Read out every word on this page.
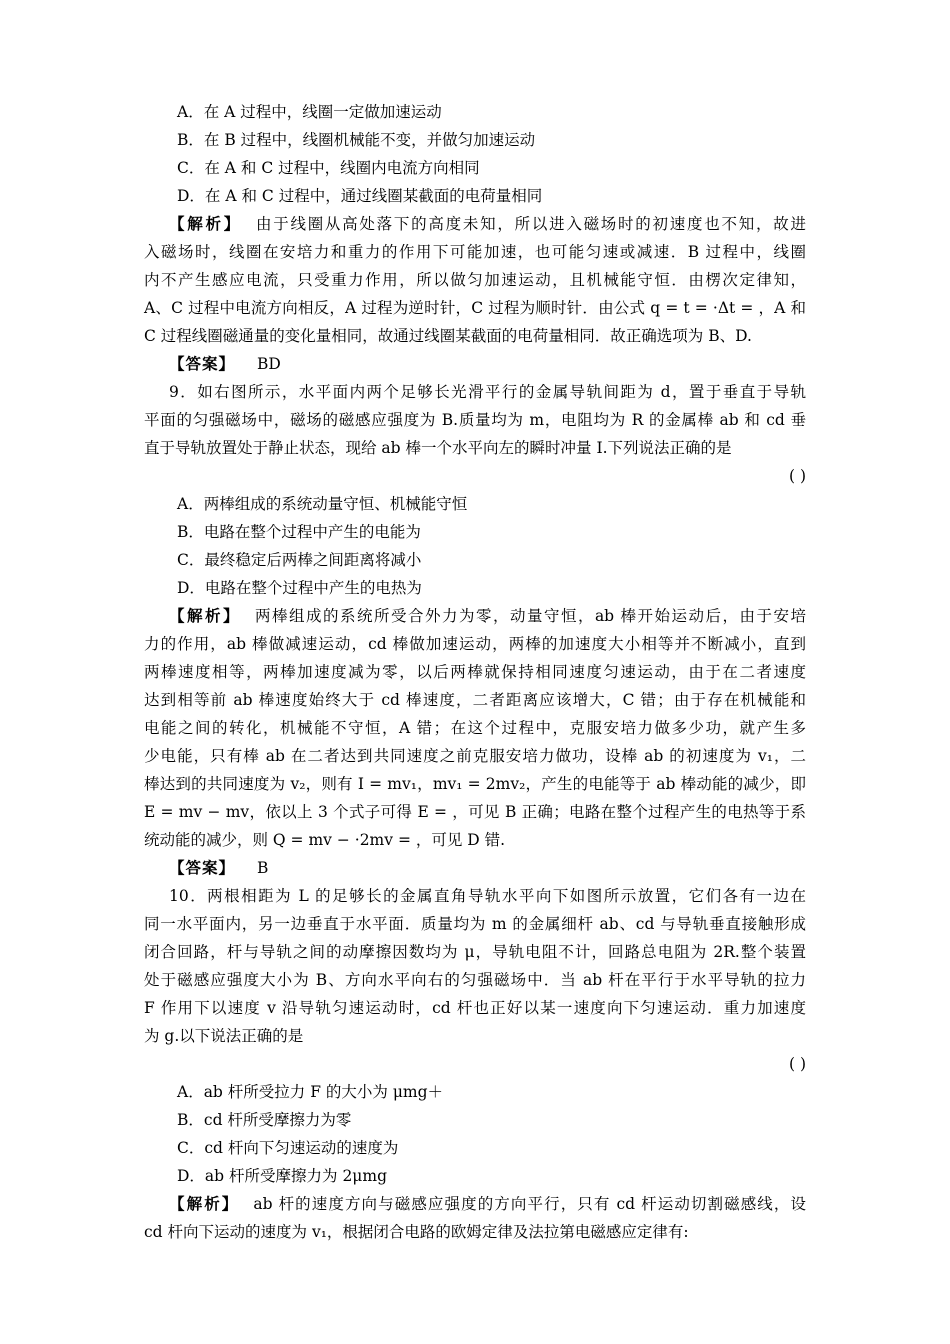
A．在 A 过程中，线圈一定做加速运动
B．在 B 过程中，线圈机械能不变，并做匀加速运动
C．在 A 和 C 过程中，线圈内电流方向相同
D．在 A 和 C 过程中，通过线圈某截面的电荷量相同
【解析】 由于线圈从高处落下的高度未知，所以进入磁场时的初速度也不知，故进
入磁场时，线圈在安培力和重力的作用下可能加速，也可能匀速或减速．B 过程中，线圈
内不产生感应电流，只受重力作用，所以做匀加速运动，且机械能守恒．由楞次定律知，
A、C 过程中电流方向相反，A 过程为逆时针，C 过程为顺时针．由公式 q = t = ·Δt = ，A 和
C 过程线圈磁通量的变化量相同，故通过线圈某截面的电荷量相同．故正确选项为 B、D.
【答案】 BD
9．如右图所示，水平面内两个足够长光滑平行的金属导轨间距为 d，置于垂直于导轨
平面的匀强磁场中，磁场的磁感应强度为 B.质量均为 m，电阻均为 R 的金属棒 ab 和 cd 垂
直于导轨放置处于静止状态，现给 ab 棒一个水平向左的瞬时冲量 I.下列说法正确的是
( )
A．两棒组成的系统动量守恒、机械能守恒
B．电路在整个过程中产生的电能为
C．最终稳定后两棒之间距离将减小
D．电路在整个过程中产生的电热为
【解析】 两棒组成的系统所受合外力为零，动量守恒，ab 棒开始运动后，由于安培
力的作用，ab 棒做减速运动，cd 棒做加速运动，两棒的加速度大小相等并不断减小，直到
两棒速度相等，两棒加速度减为零，以后两棒就保持相同速度匀速运动，由于在二者速度
达到相等前 ab 棒速度始终大于 cd 棒速度，二者距离应该增大，C 错；由于存在机械能和
电能之间的转化，机械能不守恒，A 错；在这个过程中，克服安培力做多少功，就产生多
少电能，只有棒 ab 在二者达到共同速度之前克服安培力做功，设棒 ab 的初速度为 v₁，二
棒达到的共同速度为 v₂，则有 I = mv₁，mv₁ = 2mv₂，产生的电能等于 ab 棒动能的减少，即
E = mv − mv，依以上 3 个式子可得 E = ，可见 B 正确；电路在整个过程产生的电热等于系
统动能的减少，则 Q = mv − ·2mv = ，可见 D 错.
【答案】 B
10．两根相距为 L 的足够长的金属直角导轨水平向下如图所示放置，它们各有一边在
同一水平面内，另一边垂直于水平面．质量均为 m 的金属细杆 ab、cd 与导轨垂直接触形成
闭合回路，杆与导轨之间的动摩擦因数均为 μ，导轨电阻不计，回路总电阻为 2R.整个装置
处于磁感应强度大小为 B、方向水平向右的匀强磁场中．当 ab 杆在平行于水平导轨的拉力
F 作用下以速度 v 沿导轨匀速运动时，cd 杆也正好以某一速度向下匀速运动．重力加速度
为 g.以下说法正确的是
( )
A．ab 杆所受拉力 F 的大小为 μmg＋
B．cd 杆所受摩擦力为零
C．cd 杆向下匀速运动的速度为
D．ab 杆所受摩擦力为 2μmg
【解析】 ab 杆的速度方向与磁感应强度的方向平行，只有 cd 杆运动切割磁感线，设
cd 杆向下运动的速度为 v₁，根据闭合电路的欧姆定律及法拉第电磁感应定律有:
